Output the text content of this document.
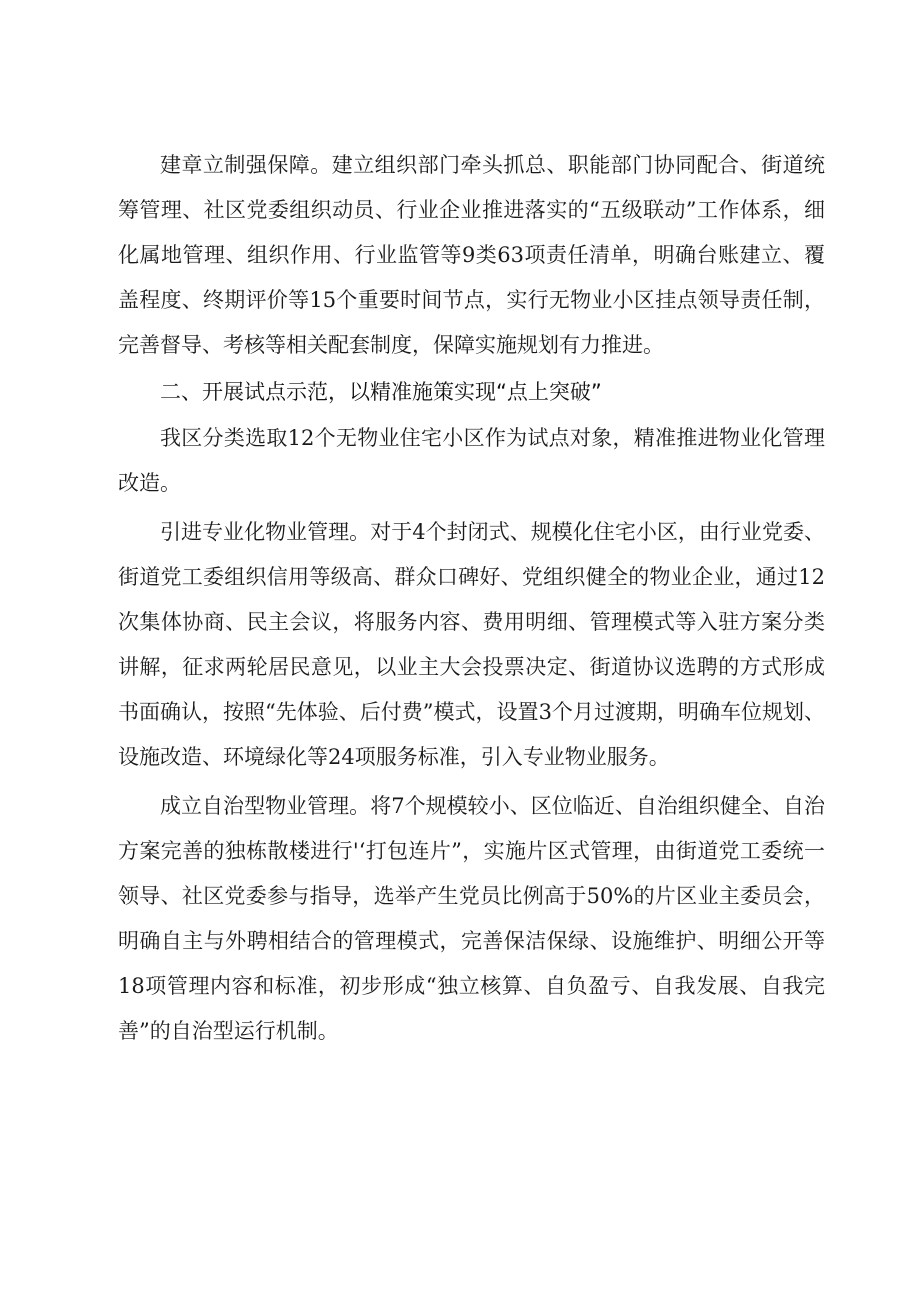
建章立制强保障。建立组织部门牵头抓总、职能部门协同配合、街道统筹管理、社区党委组织动员、行业企业推进落实的“五级联动”工作体系，细化属地管理、组织作用、行业监管等9类63项责任清单，明确台账建立、覆盖程度、终期评价等15个重要时间节点，实行无物业小区挂点领导责任制，完善督导、考核等相关配套制度，保障实施规划有力推进。

二、开展试点示范，以精准施策实现“点上突破”

我区分类选取12个无物业住宅小区作为试点对象，精准推进物业化管理改造。

引进专业化物业管理。对于4个封闭式、规模化住宅小区，由行业党委、街道党工委组织信用等级高、群众口碑好、党组织健全的物业企业，通过12次集体协商、民主会议，将服务内容、费用明细、管理模式等入驻方案分类讲解，征求两轮居民意见，以业主大会投票决定、街道协议选聘的方式形成书面确认，按照“先体验、后付费”模式，设置3个月过渡期，明确车位规划、设施改造、环境绿化等24项服务标准，引入专业物业服务。

成立自治型物业管理。将7个规模较小、区位临近、自治组织健全、自治方案完善的独栋散楼进行'‘打包连片”，实施片区式管理，由街道党工委统一领导、社区党委参与指导，选举产生党员比例高于50%的片区业主委员会，明确自主与外聘相结合的管理模式，完善保洁保绿、设施维护、明细公开等18项管理内容和标准，初步形成“独立核算、自负盈亏、自我发展、自我完善”的自治型运行机制。
